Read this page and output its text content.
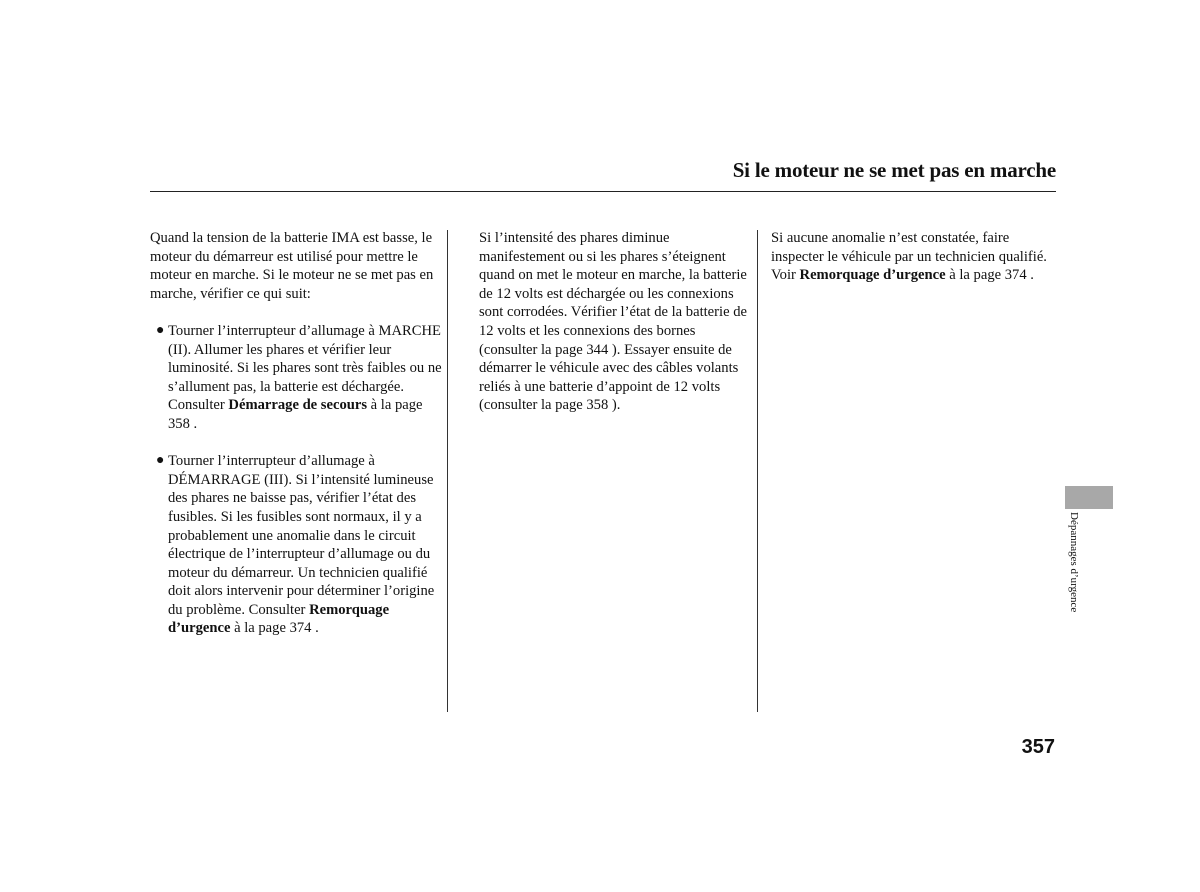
Si le moteur ne se met pas en marche

Quand la tension de la batterie IMA est basse, le moteur du démarreur est utilisé pour mettre le moteur en marche. Si le moteur ne se met pas en marche, vérifier ce qui suit:

● Tourner l’interrupteur d’allumage à MARCHE (II). Allumer les phares et vérifier leur luminosité. Si les phares sont très faibles ou ne s’allument pas, la batterie est déchargée. Consulter Démarrage de secours à la page 358 .

● Tourner l’interrupteur d’allumage à DÉMARRAGE (III). Si l’intensité lumineuse des phares ne baisse pas, vérifier l’état des fusibles. Si les fusibles sont normaux, il y a probablement une anomalie dans le circuit électrique de l’interrupteur d’allumage ou du moteur du démarreur. Un technicien qualifié doit alors intervenir pour déterminer l’origine du problème. Consulter Remorquage d’urgence à la page 374 .

Si l’intensité des phares diminue manifestement ou si les phares s’éteignent quand on met le moteur en marche, la batterie de 12 volts est déchargée ou les connexions sont corrodées. Vérifier l’état de la batterie de 12 volts et les connexions des bornes (consulter la page 344 ). Essayer ensuite de démarrer le véhicule avec des câbles volants reliés à une batterie d’appoint de 12 volts (consulter la page 358 ).

Si aucune anomalie n’est constatée, faire inspecter le véhicule par un technicien qualifié. Voir Remorquage d’urgence à la page 374 .

Dépannages d’urgence
357
